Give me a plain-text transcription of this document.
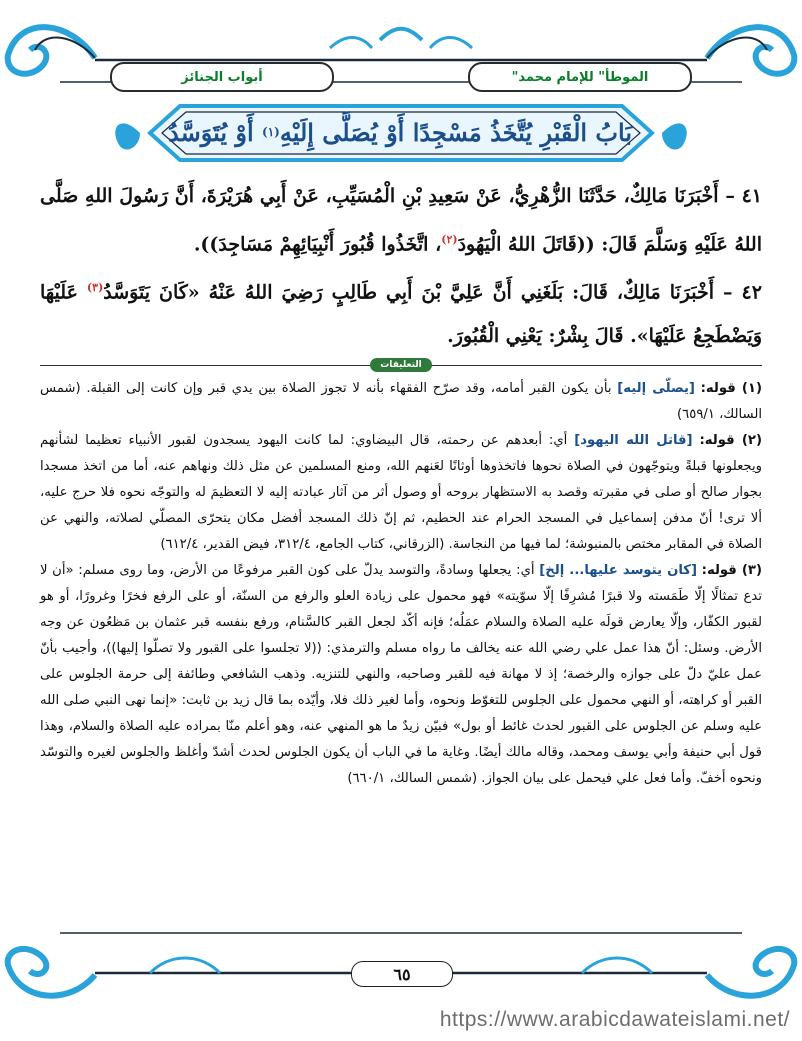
"الموطأ" للإمام محمد
أبواب الجنائز
بَابُ الْقَبْرِ يُتَّخَذُ مَسْجِدًا أَوْ يُصَلَّى إِلَيْهِ
(١)

أَوْ يُتَوَسَّدُ

٤١ – أَخْبَرَنَا مَالِكٌ، حَدَّثَنَا الزُّهْرِيُّ، عَنْ سَعِيدِ بْنِ الْمُسَيِّبِ، عَنْ أَبِي هُرَيْرَةَ، أَنَّ رَسُولَ اللهِ صَلَّى اللهُ عَلَيْهِ وَسَلَّمَ قَالَ: ((قَاتَلَ اللهُ الْيَهُودَ$^{(٢)}$، اتَّخَذُوا قُبُورَ أَنْبِيَائِهِمْ مَسَاجِدَ)).

٤٢ – أَخْبَرَنَا مَالِكٌ، قَالَ: بَلَغَنِي أَنَّ عَلِيَّ بْنَ أَبِي طَالِبٍ رَضِيَ اللهُ عَنْهُ «كَانَ يَتَوَسَّدُ$^{(٣)}$ عَلَيْهَا وَيَضْطَجِعُ عَلَيْهَا». قَالَ بِشْرٌ: يَعْنِي الْقُبُورَ.

التعليقات

(١) قوله: [يصلّى إليه] بأن يكون القبر أمامه، وقد صرّح الفقهاء بأنه لا تجوز الصلاة بين يدي قبر وإن كانت إلى القبلة. (شمس السالك، ٦٥٩/١)

(٢) قوله: [قاتل الله اليهود] أي: أبعدهم عن رحمته، قال البيضاوي: لما كانت اليهود يسجدون لقبور الأنبياء تعظيما لشأنهم ويجعلونها قبلةً ويتوجّهون في الصلاة نحوها فاتخذوها أوثانًا لعَنهم الله، ومنع المسلمين عن مثل ذلك ونهاهم عنه، أما من اتخذ مسجدا بجوار صالح أو صلى في مقبرته وقصد به الاستظهار بروحه أو وصول أثر من آثار عبادته إليه لا التعظيمَ له والتوجّه نحوه فلا حرج عليه، ألا ترى! أنّ مدفن إسماعيل في المسجد الحرام عند الحطيم، ثم إنّ ذلك المسجد أفضل مكان يتحرّى المصلّي لصلاته، والنهي عن الصلاة في المقابر مختص بالمنبوشة؛ لما فيها من النجاسة. (الزرقاني، كتاب الجامع، ٣١٢/٤، فيض القدير، ٦١٢/٤)

(٣) قوله: [كان يتوسد عليها... إلخ] أي: يجعلها وسادةً، والتوسد يدلّ على كون القبر مرفوعًا من الأرض، وما روى مسلم: «أن لا تدع تمثالًا إلّا طَمَسته ولا قبرًا مُشرِفًا إلّا سوّيته» فهو محمول على زيادة العلو والرفع من السنّة، أو على الرفع فخرًا وغرورًا، أو هو لقبور الكفّار، وإلّا يعارض قولَه عليه الصلاة والسلام عمَلُه؛ فإنه أكّد لجعل القبر كالسَّنام، ورفع بنفسه قبر عثمان بن مَظعُون عن وجه الأرض. وسئل: أنّ هذا عمل علي رضي الله عنه يخالف ما رواه مسلم والترمذي: ((لا تجلسوا على القبور ولا تصلّوا إليها))، وأجيب بأنّ عمل عليّ دلّ على جوازه والرخصة؛ إذ لا مهانة فيه للقبر وصاحبه، والنهي للتنزيه. وذهب الشافعي وطائفة إلى حرمة الجلوس على القبر أو كراهته، أو النهي محمول على الجلوس للتغوّط ونحوه، وأما لغير ذلك فلا، وأيّده بما قال زيد بن ثابت: «إنما نهى النبي صلى الله عليه وسلم عن الجلوس على القبور لحدث غائط أو بول» فبيّن زيدٌ ما هو المنهي عنه، وهو أعلم منّا بمراده عليه الصلاة والسلام، وهذا قول أبي حنيفة وأبي يوسف ومحمد، وقاله مالك أيضًا. وغاية ما في الباب أن يكون الجلوس لحدث أشدّ وأغلظ والجلوس لغيره والتوسّد ونحوه أخفّ. وأما فعل علي فيحمل على بيان الجواز. (شمس السالك، ٦٦٠/١)

٦٥
https://www.arabicdawateislami.net/
